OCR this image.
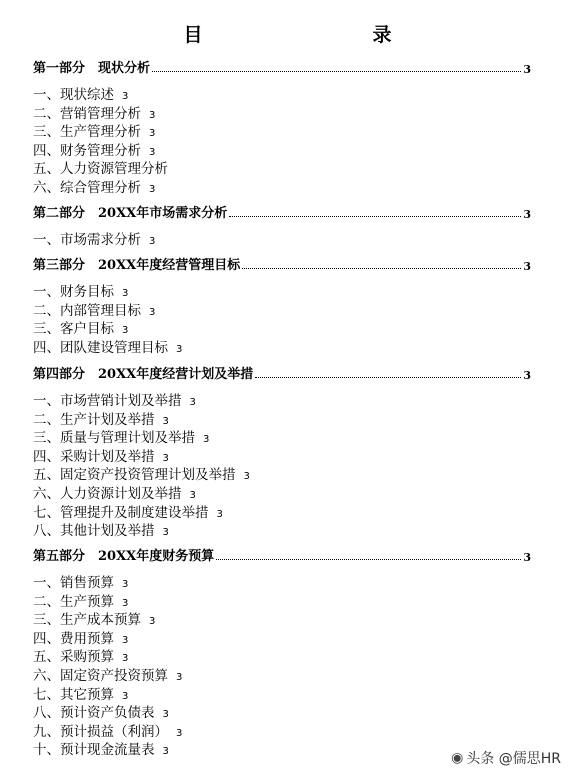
目　　录
第一部分　现状分析	3
一、现状综述 3
二、营销管理分析 3
三、生产管理分析 3
四、财务管理分析 3
五、人力资源管理分析
六、综合管理分析 3
第二部分　20XX年市场需求分析	3
一、市场需求分析 3
第三部分　20XX年度经营管理目标	3
一、财务目标 3
二、内部管理目标 3
三、客户目标 3
四、团队建设管理目标 3
第四部分　20XX年度经营计划及举措	3
一、市场营销计划及举措 3
二、生产计划及举措 3
三、质量与管理计划及举措 3
四、采购计划及举措 3
五、固定资产投资管理计划及举措 3
六、人力资源计划及举措 3
七、管理提升及制度建设举措 3
八、其他计划及举措 3
第五部分　20XX年度财务预算	3
一、销售预算 3
二、生产预算 3
三、生产成本预算 3
四、费用预算 3
五、采购预算 3
六、固定资产投资预算 3
七、其它预算 3
八、预计资产负债表 3
九、预计损益（利润） 3
十、预计现金流量表 3	◉ 头条 @儒思HR
